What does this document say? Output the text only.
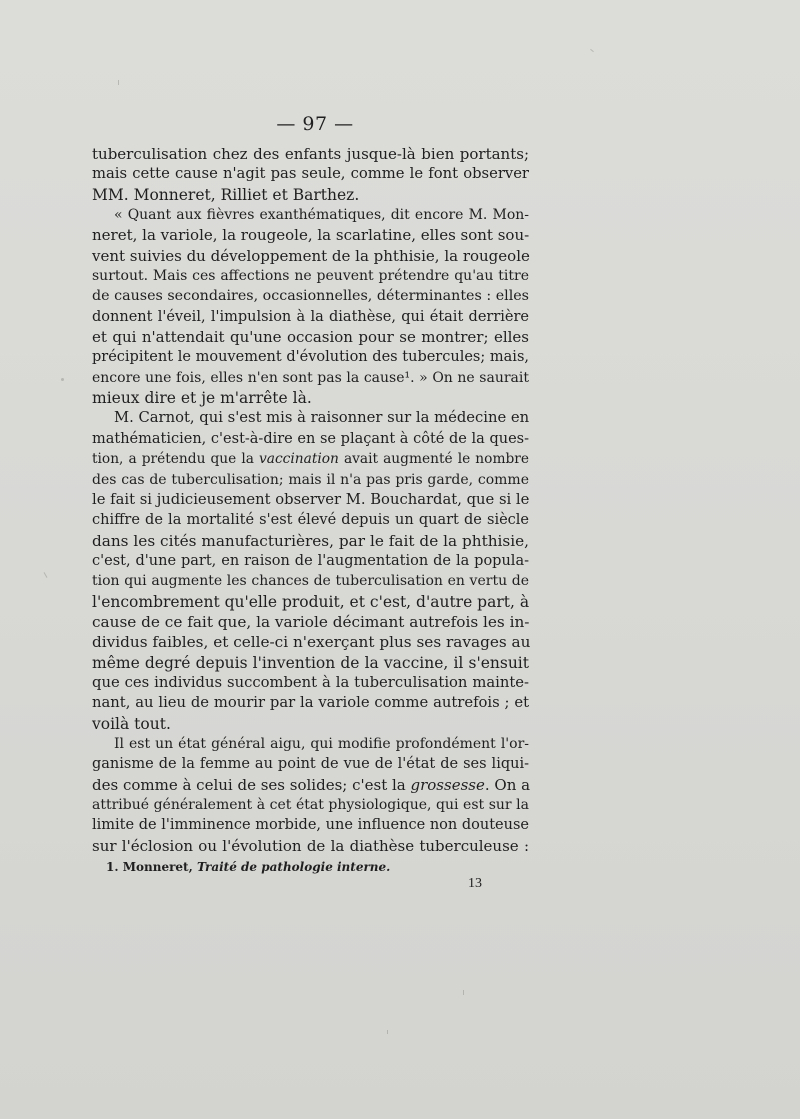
— 97 —
tuberculisation chez des enfants jusque-là bien portants;
mais cette cause n'agit pas seule, comme le font observer
MM. Monneret, Rilliet et Barthez.
« Quant aux fièvres exanthématiques, dit encore M. Mon-
neret, la variole, la rougeole, la scarlatine, elles sont sou-
vent suivies du développement de la phthisie, la rougeole
surtout. Mais ces affections ne peuvent prétendre qu'au titre
de causes secondaires, occasionnelles, déterminantes : elles
donnent l'éveil, l'impulsion à la diathèse, qui était derrière
et qui n'attendait qu'une occasion pour se montrer; elles
précipitent le mouvement d'évolution des tubercules; mais,
encore une fois, elles n'en sont pas la cause¹. » On ne saurait
mieux dire et je m'arrête là.
M. Carnot, qui s'est mis à raisonner sur la médecine en
mathématicien, c'est-à-dire en se plaçant à côté de la ques-
tion, a prétendu que la vaccination avait augmenté le nombre
des cas de tuberculisation; mais il n'a pas pris garde, comme
le fait si judicieusement observer M. Bouchardat, que si le
chiffre de la mortalité s'est élevé depuis un quart de siècle
dans les cités manufacturières, par le fait de la phthisie,
c'est, d'une part, en raison de l'augmentation de la popula-
tion qui augmente les chances de tuberculisation en vertu de
l'encombrement qu'elle produit, et c'est, d'autre part, à
cause de ce fait que, la variole décimant autrefois les in-
dividus faibles, et celle-ci n'exerçant plus ses ravages au
même degré depuis l'invention de la vaccine, il s'ensuit
que ces individus succombent à la tuberculisation mainte-
nant, au lieu de mourir par la variole comme autrefois ; et
voilà tout.
Il est un état général aigu, qui modifie profondément l'or-
ganisme de la femme au point de vue de l'état de ses liqui-
des comme à celui de ses solides; c'est la grossesse. On a
attribué généralement à cet état physiologique, qui est sur la
limite de l'imminence morbide, une influence non douteuse
sur l'éclosion ou l'évolution de la diathèse tuberculeuse :
1. Monneret, Traité de pathologie interne.
13
